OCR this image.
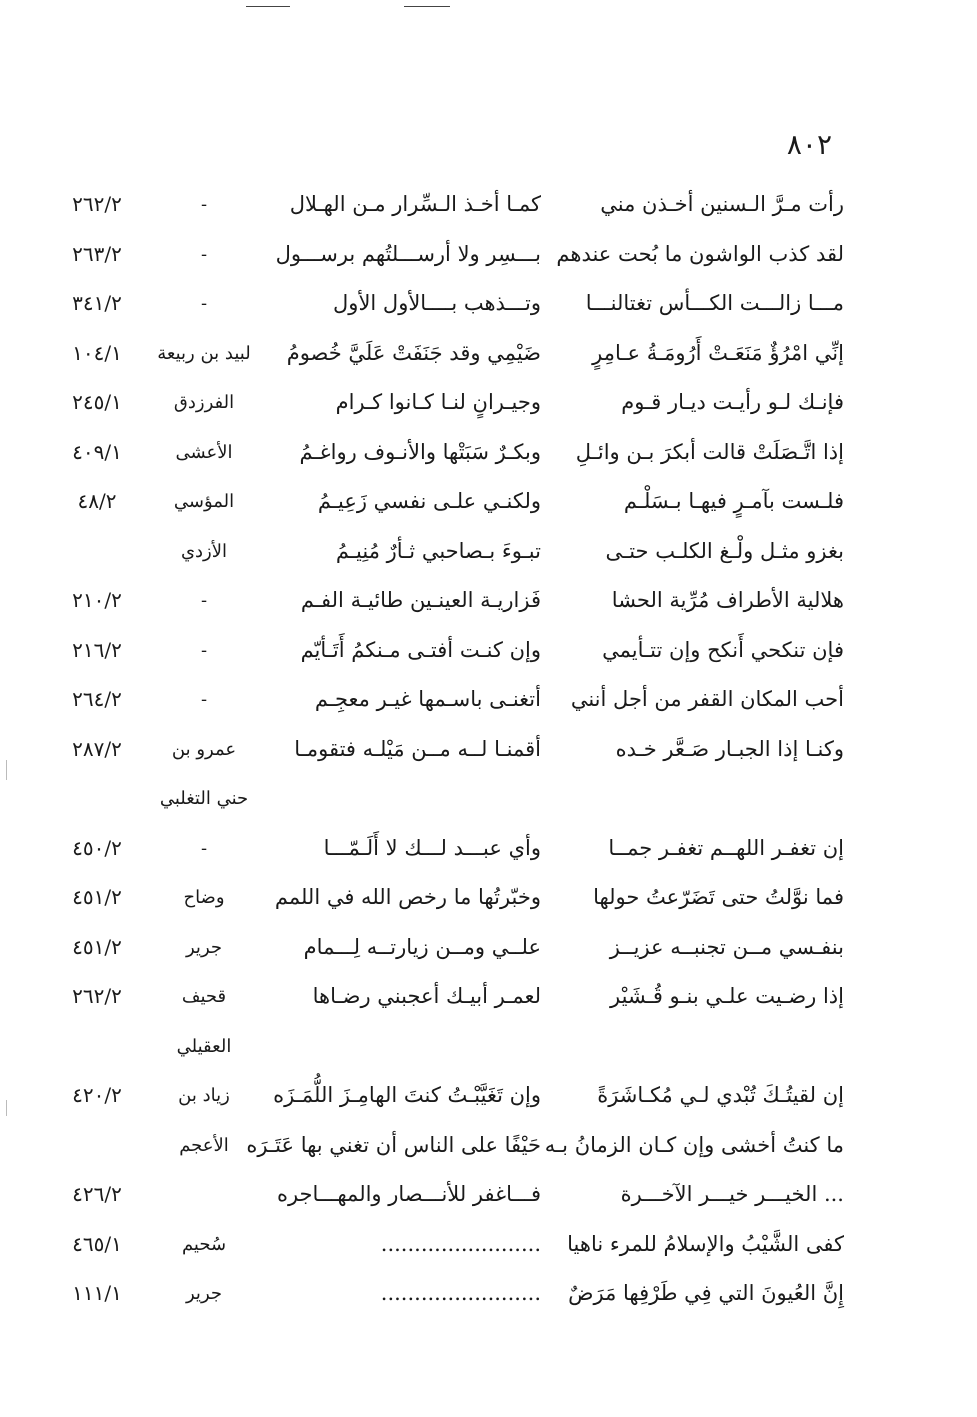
٨٠٢
رأت مـرَّ الـسنين أخـذن مني
كمـا أخـذ الـسِّرار مـن الهـلال
-
٢٦٢/٢
لقد كذب الواشون ما بُحت عندهم
بـــسِر ولا أرســـلتُهم برســـول
-
٢٦٣/٢
مـــا زالـــت الكـــأس تغتالنـــا
وتـــذهب بــــالأول الأول
-
٣٤١/٢
إنِّي امْرُؤٌ مَنَعَـتْ أَرُومَـةُ عـامِرٍ
ضَيْمِي وقد جَنَفَتْ عَلَيَّ خُصومُ
لبيد بن ربيعة
١٠٤/١
فإنـك لـو رأيـت ديـار قـوم
وجيـرانٍ لنـا كـانوا كـرام
الفرزدق
٢٤٥/١
إذا اتَّـصَلَتْ قالت أبكرَ بـن وائـلِ
وبكـرٌ سَبَتْها والأنـوف رواغـمُ
الأعشى
٤٠٩/١
فلـست بآمـرٍ فيهـا بـسَلْـم
ولكنـي علـى نفسي زَعِيـمُ
المؤسي
٤٨/٢
بغزو مثـل ولْـغ الكلـب حتـى
تبـوءَ بـصاحبي ثـأرٌ مُنِيـمُ
الأزدي
هلالية الأطراف مُرِّية الحشا
فَزاريـة العينـين طائيـة الفـم
-
٢١٠/٢
فإن تنكحي أَنكح وإن تتـأيمي
وإن كنـت أفتـى مـنكمُ أَتَـأيّم
-
٢١٦/٢
أحب المكان القفر من أجل أنني
أتغنـى باسـمها غيـر معجِـم
-
٢٦٤/٢
وكنـا إذا الجبـار صَـعَّر خـده
أقمنـا لــه مــن مَيْلـه فتقومـا
عمرو بن
٢٨٧/٢
حني التغلبي
إن تغفـر اللهــم تغفـر جمــا
وأي عبـــد لـــك لا أَلَـمّـــا
-
٤٥٠/٢
فما نوَّلتُ حتى تَضَرّعتُ حولها
وخبّرتُها ما رخص الله في اللمم
وضاح
٤٥١/٢
بنفـسي مــن تجنبــه عزيــز
علــي ومــن زيارتــه لِـــمام
جرير
٤٥١/٢
إذا رضـيت علـي بنـو قُـشَيْر
لعمـر أبيـك أعجبني رضـاها
قحيف
٢٦٢/٢
العقيلي
إن لقيتُـكَ تُبْدي لـي مُكـاشَرَةً
وإن تَغَيَّبْـتُ كنتَ الهامِـزَ اللُّمَـزَه
زياد بن
٤٢٠/٢
ما كنتُ أخشى وإن كـان الزمانُ بـه
حَيْفًا على الناس أن تغني بها عَتَـرَه
الأعجم
... الخيـــر خيـــر الآخـــرة
فـــاغفر للأنـــصار والمهـــاجره
٤٢٦/٢
كفى الشَّيْبُ والإسلامُ للمرء ناهيا
........................
سُحيم
٤٦٥/١
إِنَّ العُيونَ التي فِي طَرْفِها مَرَضٌ
........................
جرير
١١١/١
